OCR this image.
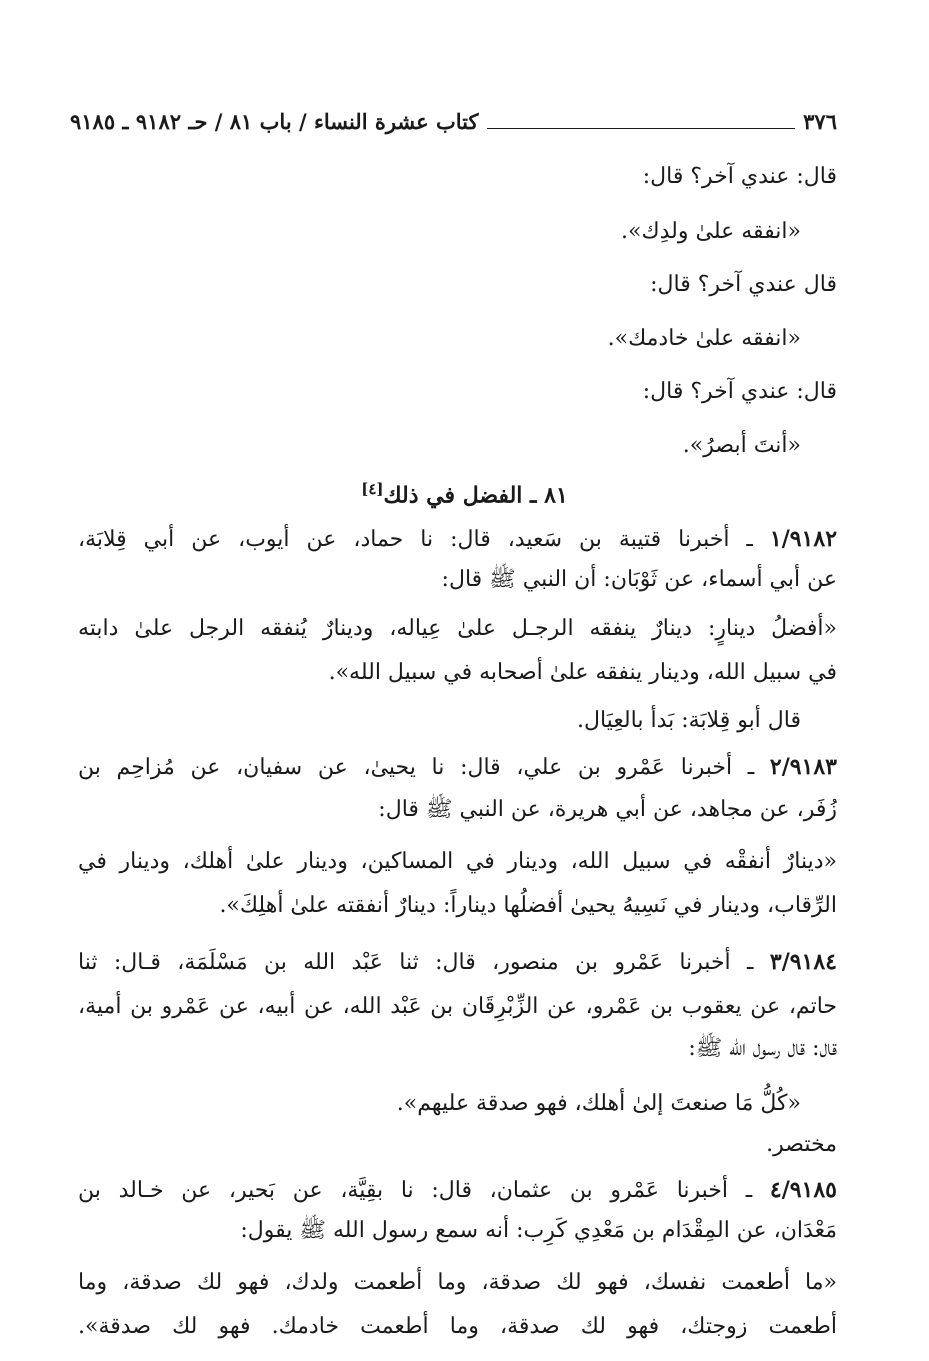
٣٧٦
كتاب عشرة النساء / باب ٨١ / حـ ٩١٨٢ ـ ٩١٨٥
قال: عندي آخر؟ قال:
«انفقه علىٰ ولدِك».
قال عندي آخر؟ قال:
«انفقه علىٰ خادمك».
قال: عندي آخر؟ قال:
«أنتَ أبصرُ».
٨١ ـ الفضل في ذلك[٤]
١/٩١٨٢ ـ أخبرنا قتيبة بن سَعيد، قال: نا حماد، عن أيوب، عن أبي قِلابَة،
عن أبي أسماء، عن ثَوْبَان: أن النبي ﷺ قال:
«أفضلُ دينارٍ: دينارٌ ينفقه الرجـل علىٰ عِياله، ودينارٌ يُنفقه الرجل علىٰ دابته
في سبيل الله، ودينار ينفقه علىٰ أصحابه في سبيل الله».
قال أبو قِلابَة: بَدأ بالعِيَال.
٢/٩١٨٣ ـ أخبرنا عَمْرو بن علي، قال: نا يحيىٰ، عن سفيان، عن مُزاحِم بن
زُفَر، عن مجاهد، عن أبي هريرة، عن النبي ﷺ قال:
«دينارٌ أنفقْه في سبيل الله، ودينار في المساكين، ودينار علىٰ أهلك، ودينار في
الرِّقاب، ودينار في نَسِيهُ يحيىٰ أفضلُها ديناراً: دينارٌ أنفقته علىٰ أهلِكَ».
٣/٩١٨٤ ـ أخبرنا عَمْرو بن منصور، قال: ثنا عَبْد الله بن مَسْلَمَة، قـال: ثنا
حاتم، عن يعقوب بن عَمْرو، عن الزِّبْرِقَان بن عَبْد الله، عن أبيه، عن عَمْرو بن أمية،
قال: قال رسول الله ﷺ:
«كُلُّ مَا صنعتَ إلىٰ أهلك، فهو صدقة عليهم».
مختصر.
٤/٩١٨٥ ـ أخبرنا عَمْرو بن عثمان، قال: نا بقِيَّة، عن بَحير، عن خـالد بن
مَعْدَان، عن المِقْدَام بن مَعْدِي كَرِب: أنه سمع رسول الله ﷺ يقول:
«ما أطعمت نفسك، فهو لك صدقة، وما أطعمت ولدك، فهو لك صدقة، وما
أطعمت زوجتك، فهو لك صدقة، وما أطعمت خادمك. فهو لك صدقة».
